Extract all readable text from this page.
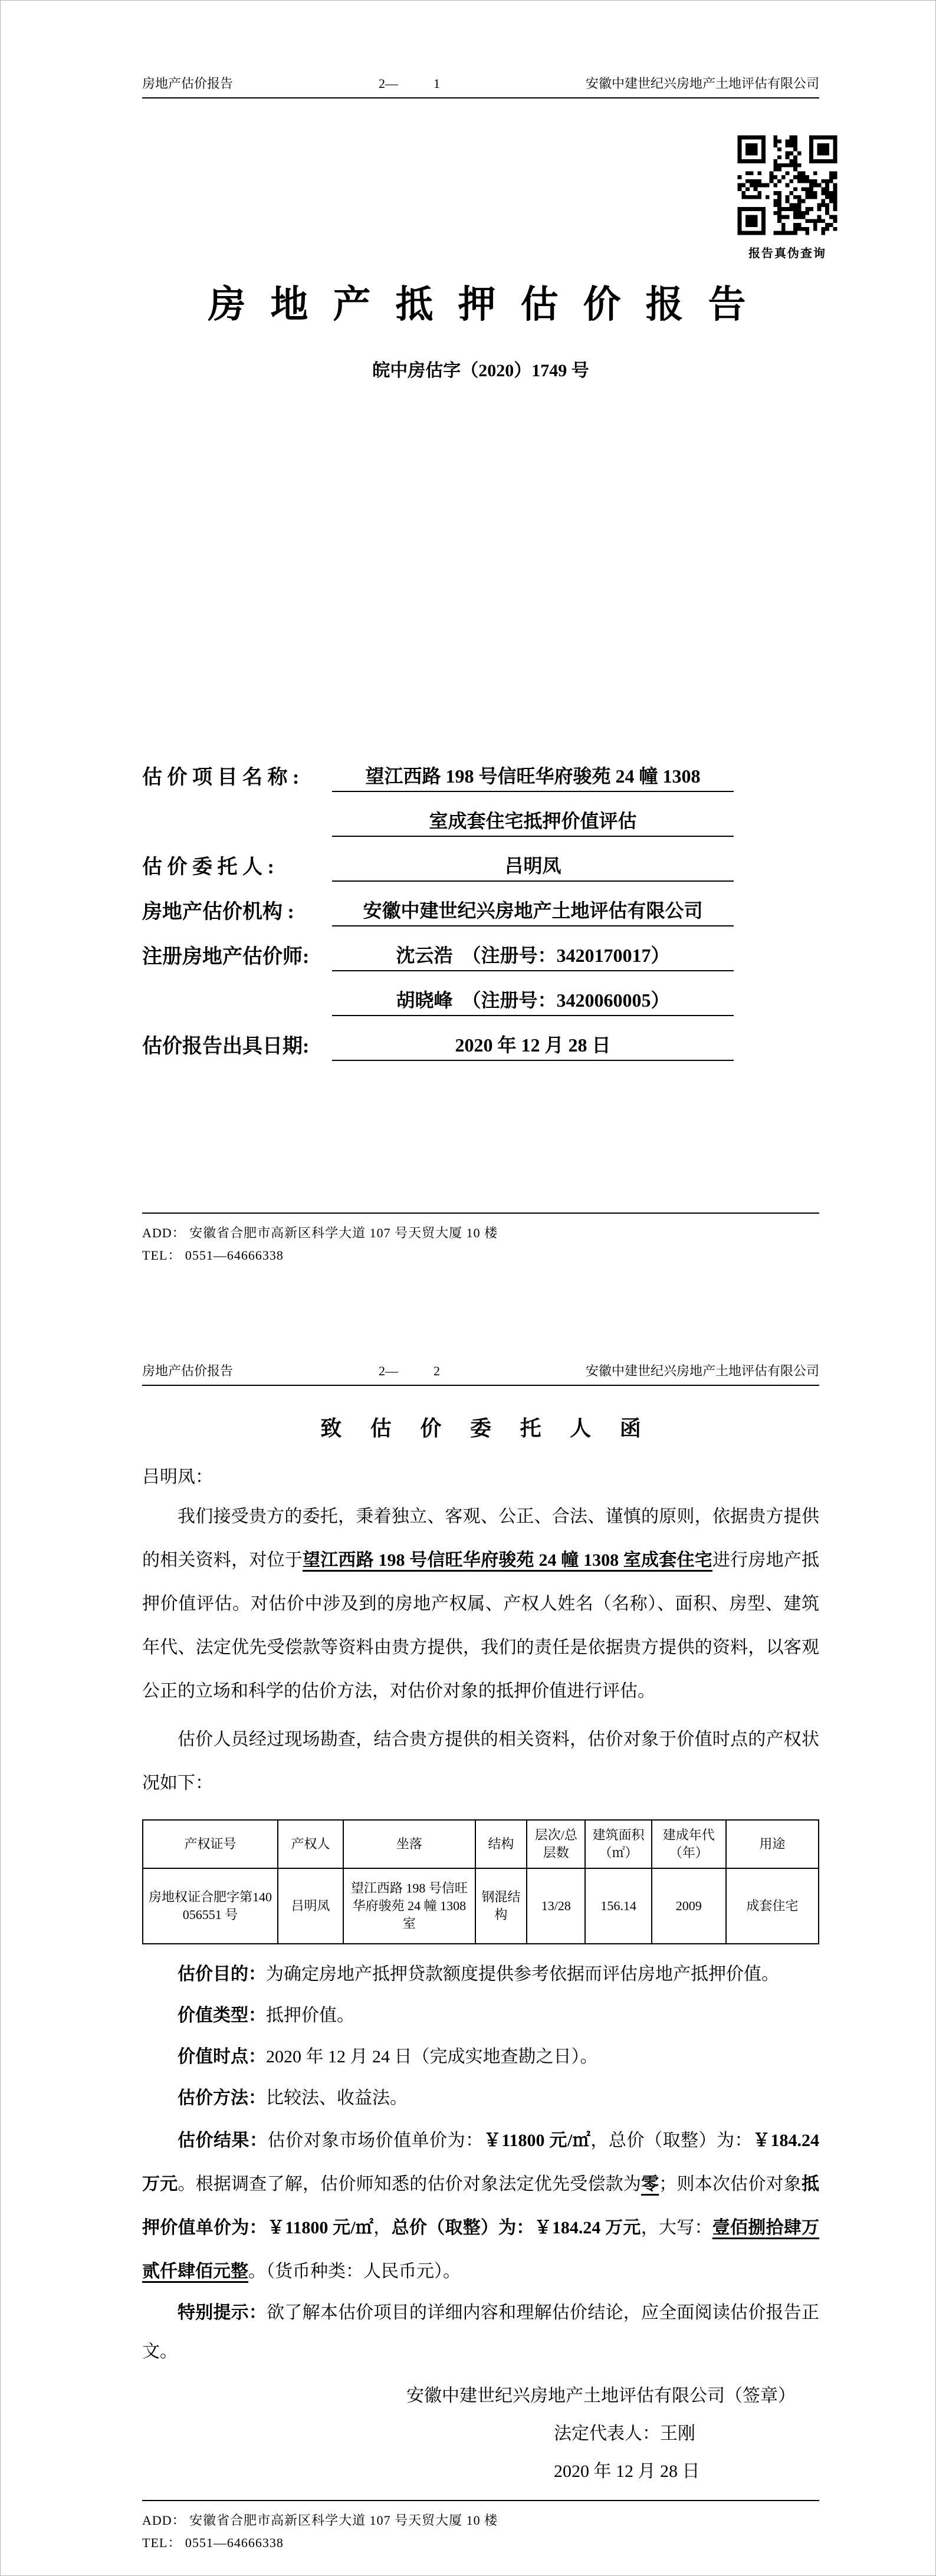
房地产估价报告	2—	1	安徽中建世纪兴房地产土地评估有限公司
报告真伪查询
房 地 产 抵 押 估 价 报 告
皖中房估字（2020）1749 号
估 价 项 目 名 称 :	望江西路 198 号信旺华府骏苑 24 幢 1308
室成套住宅抵押价值评估
估 价 委 托 人 :	吕明凤
房地产估价机构 :	安徽中建世纪兴房地产土地评估有限公司
注册房地产估价师:	沈云浩　（注册号：3420170017）
胡晓峰　（注册号：3420060005）
估价报告出具日期:	2020 年 12 月 28 日
ADD： 安徽省合肥市高新区科学大道 107 号天贸大厦 10 楼
TEL： 0551—64666338
房地产估价报告	2—	2	安徽中建世纪兴房地产土地评估有限公司
致 估 价 委 托 人 函

吕明凤：

我们接受贵方的委托，秉着独立、客观、公正、合法、谨慎的原则，依据贵方提供的相关资料，对位于望江西路 198 号信旺华府骏苑 24 幢 1308 室成套住宅进行房地产抵押价值评估。对估价中涉及到的房地产权属、产权人姓名（名称）、面积、房型、建筑年代、法定优先受偿款等资料由贵方提供，我们的责任是依据贵方提供的资料，以客观公正的立场和科学的估价方法，对估价对象的抵押价值进行评估。

估价人员经过现场勘查，结合贵方提供的相关资料，估价对象于价值时点的产权状况如下：

产权证号	产权人	坐落	结构	层次/总层数	建筑面积（㎡）	建成年代（年）	用途
房地权证合肥字第140056551 号	吕明凤	望江西路 198 号信旺华府骏苑 24 幢 1308 室	钢混结构	13/28	156.14	2009	成套住宅

估价目的：为确定房地产抵押贷款额度提供参考依据而评估房地产抵押价值。

价值类型：抵押价值。

价值时点：2020 年 12 月 24 日（完成实地查勘之日）。

估价方法：比较法、收益法。

估价结果：估价对象市场价值单价为：￥11800 元/㎡，总价（取整）为：￥184.24 万元。根据调查了解，估价师知悉的估价对象法定优先受偿款为零；则本次估价对象抵押价值单价为：￥11800 元/㎡，总价（取整）为：￥184.24 万元，大写：壹佰捌拾肆万贰仟肆佰元整。（货币种类：人民币元）。

特别提示：欲了解本估价项目的详细内容和理解估价结论，应全面阅读估价报告正文。

安徽中建世纪兴房地产土地评估有限公司（签章）
法定代表人：王刚
2020 年 12 月 28 日
ADD： 安徽省合肥市高新区科学大道 107 号天贸大厦 10 楼
TEL： 0551—64666338
